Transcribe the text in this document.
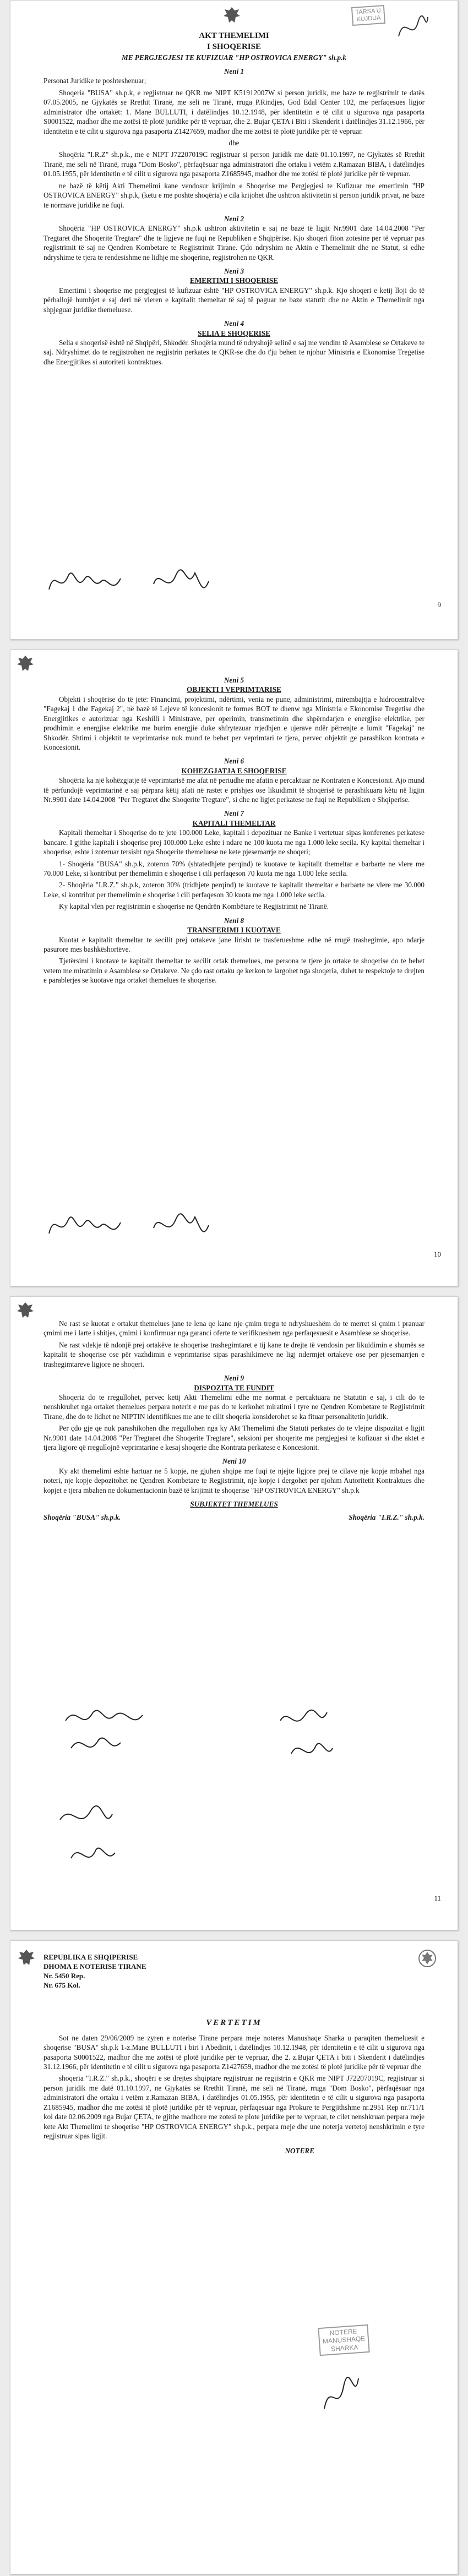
TARSA U
KUJDUA
AKT THEMELIMI
I SHOQERISE
ME PERGJEGJESI TE KUFIZUAR "HP OSTROVICA ENERGY" sh.p.k
Neni 1

Personat Juridike te poshteshenuar;

Shoqeria "BUSA" sh.p.k, e regjistruar ne QKR me NIPT K51912007W si person juridik, me baze te regjistrimit te datës 07.05.2005, ne Gjykatës se Rrethit Tiranë, me seli ne Tiranë, rruga P.Rindjes, God Edal Center 102, me perfaqesues ligjor administrator dhe ortakët: 1. Mane BULLUTI, i datëlindjes 10.12.1948, për identitetin e të cilit u sigurova nga pasaporta S0001522, madhor dhe me zotësi të plotë juridike për të vepruar, dhe 2. Bujar ÇETA i Biti i Skenderit i datëlindjes 31.12.1966, për identitetin e të cilit u sigurova nga pasaporta Z1427659, madhor dhe me zotësi të plotë juridike për të vepruar.

dhe

Shoqëria "I.R.Z" sh.p.k., me e NIPT J72207019C regjistruar si person juridik me datë 01.10.1997, ne Gjykatës së Rrethit Tiranë, me seli në Tiranë, rruga "Dom Bosko", përfaqësuar nga administratori dhe ortaku i vetëm z.Ramazan BIBA, i datëlindjes 01.05.1955, për identitetin e të cilit u sigurova nga pasaporta Z1685945, madhor dhe me zotësi të plotë juridike për të vepruar.

ne bazë të këtij Akti Themelimi kane vendosur krijimin e Shoqerise me Pergjegjesi te Kufizuar me emertimin "HP OSTROVICA ENERGY" sh.p.k, (ketu e me poshte shoqëria) e cila krijohet dhe ushtron aktivitetin si person juridik privat, ne baze te normave juridike ne fuqi.

Neni 2

Shoqëria "HP OSTROVICA ENERGY" sh.p.k ushtron aktivitetin e saj ne bazë të ligjit Nr.9901 date 14.04.2008 "Per Tregtaret dhe Shoqerite Tregtare" dhe te ligjeve ne fuqi ne Republiken e Shqipërise. Kjo shoqeri fiton zotesine per të vepruar pas regjistrimit të saj ne Qendren Kombetare te Regjistrimit Tirane. Çdo ndryshim ne Aktin e Themelimit dhe ne Statut, si edhe ndryshime te tjera te rendesishme ne lidhje me shoqerine, regjistrohen ne QKR.

Neni 3
EMERTIMI I SHOQERISE

Emertimi i shoqerise me pergjegjesi të kufizuar është "HP OSTROVICA ENERGY" sh.p.k. Kjo shoqeri e ketij lloji do të përballojë humbjet e saj deri në vleren e kapitalit themeltar të saj të paguar ne baze statutit dhe ne Aktin e Themelimit nga shpjeguar juridike themeluese.

Neni 4
SELIA E SHOQERISE

Selia e shoqerisë është në Shqipëri, Shkodër. Shoqëria mund të ndryshojë selinë e saj me vendim të Asamblese se Ortakeve te saj. Ndryshimet do te regjistrohen ne regjistrin perkates te QKR-se dhe do t'ju behen te njohur Ministria e Ekonomise Tregetise dhe Energjitikes si autoriteti kontraktues.

9
Neni 5
OBJEKTI I VEPRIMTARISE

Objekti i shoqërise do të jetë: Financimi, projektimi, ndërtimi, venia ne pune, administrimi, mirembajtja e hidrocentralëve "Fagekaj 1 dhe Fagekaj 2", në bazë të Lejeve të koncesionit te formes BOT te dhenw nga Ministria e Ekonomise Tregetise dhe Energjitikes e autorizuar nga Keshilli i Ministrave, per operimin, transmetimin dhe shpërndarjen e energjise elektrike, per prodhimin e energjise elektrike me burim energjie duke shfrytezuar rrjedhjen e ujerave ndër përrenjte e lumit "Fagekaj" ne Shkodër. Shtimi i objektit te veprimtarise nuk mund te behet per veprimtari te tjera, pervec objektit ge parashikon kontrata e Koncesionit.

Neni 6
KOHEZGJATJA E SHOQERISE

Shoqëria ka një kohëzgjatje të veprimtarisë me afat në periudhe me afatin e percaktuar ne Kontraten e Koncesionit. Ajo mund të përfundojë veprimtarinë e saj përpara këtij afati në rastet e prishjes ose likuidimit të shoqërisë te parashikuara kètu në ligjin Nr.9901 date 14.04.2008 "Per Tregtaret dhe Shoqerite Tregtare", si dhe ne ligjet perkatese ne fuqi ne Republiken e Shqiperise.

Neni 7
KAPITALI THEMELTAR

Kapitali themeltar i Shoqerise do te jete 100.000 Leke, kapitali i depozituar ne Banke i vertetuar sipas konferenes perkatese bancare. I gjithe kapitali i shoqerise prej 100.000 Leke eshte i ndare ne 100 kuota me nga 1.000 leke secila. Ky kapital themeltar i shoqerise, eshte i zoteruar tersisht nga Shoqerite themeluese ne kete pjesemarrje ne shoqeri;

1- Shoqëria "BUSA" sh.p.k, zoteron 70% (shtatedhjete perqind) te kuotave te kapitalit themeltar e barbarte ne vlere me 70.000 Leke, si kontribut per themelimin e shoqerise i cili perfaqeson 70 kuota me nga 1.000 leke secila.

2- Shoqëria "I.R.Z." sh.p.k, zoteron 30% (tridhjete perqind) te kuotave te kapitalit themeltar e barbarte ne vlere me 30.000 Leke, si kontribut per themelimin e shoqerise i cili perfaqeson 30 kuota me nga 1.000 leke secila.

Ky kapital vlen per regjistrimin e shoqerise ne Qendrën Kombëtare te Regjistrimit në Tiranë.

Neni 8
TRANSFERIMI I KUOTAVE

Kuotat e kapitalit themeltar te secilit prej ortakeve jane lirisht te trasferueshme edhe në rrugë trashegimie, apo ndarje pasurore mes bashkëshortëve.

Tjetërsimi i kuotave te kapitalit themeltar te secilit ortak themelues, me persona te tjere jo ortake te shoqerise do te behet vetem me miratimin e Asamblese se Ortakeve. Ne çdo rast ortaku qe kerkon te largohet nga shoqeria, duhet te respektoje te drejten e parablerjes se kuotave nga ortaket themelues te shoqerise.

10

Ne rast se kuotat e ortakut themelues jane te lena qe kane nje çmim tregu te ndryshueshëm do te merret si çmim i pranuar çmimi me i larte i shitjes, çmimi i konfirmuar nga garanci oferte te verifikueshem nga perfaqesuesit e Asamblese se shoqerise.

Ne rast vdekje të ndonjë prej ortakëve te shoqerise trashegimtaret e tij kane te drejte të vendosin per likuidimin e shumës se kapitalit te shoqerise ose për vazhdimin e veprimtarise sipas parashikimeve ne ligj ndermjet ortakeve ose per pjesemarrjen e trashegimtareve ligjore ne shoqeri.

Neni 9
DISPOZITA TE FUNDIT

Shoqeria do te rregullohet, pervec ketij Akti Themelimi edhe me normat e percaktuara ne Statutin e saj, i cili do te nenshkruhet nga ortaket themelues perpara noterit e me pas do te kerkohet miratimi i tyre ne Qendren Kombetare te Regjistrimit Tirane, dhe do te lidhet ne NIPTIN identifikues me ane te cilit shoqeria konsiderohet se ka fituar personalitetin juridik.

Per çdo gje qe nuk parashikohen dhe rregullohen nga ky Akt Themelimi dhe Statuti perkates do te vlejne dispozitat e ligjit Nr.9901 date 14.04.2008 "Per Tregtaret dhe Shoqerite Tregtare", seksioni per shoqerite me pergjegjesi te kufizuar si dhe aktet e tjera ligjore që rregullojnë veprimtarine e kesaj shoqerie dhe Kontrata perkatese e Koncesionit.

Neni 10

Ky akt themelimi eshte hartuar ne 5 kopje, ne gjuhen shqipe me fuqi te njejte ligjore prej te cilave nje kopje mbahet nga noteri, nje kopje depozitohet ne Qendren Kombetare te Regjistrimit, nje kopje i dergohet per njohim Autoritetit Kontraktues dhe kopjet e tjera mbahen ne dokumentacionin bazë të krijimit te shoqerise "HP OSTROVICA ENERGY" sh.p.k

SUBJEKTET THEMELUES
Shoqëria "BUSA" sh.p.k.	Shoqëria "I.R.Z." sh.p.k.
11
REPUBLIKA E SHQIPERISE
DHOMA E NOTERISE TIRANE
Nr. 5450 Rep.
Nr. 675 Kol.
VERTETIM

Sot ne daten 29/06/2009 ne zyren e noterise Tirane perpara meje noteres Manushaqe Sharka u paraqiten themeluesit e shoqerise "BUSA" sh.p.k 1-z.Mane BULLUTI i biri i Abedinit, i datëlindjes 10.12.1948, për identitetin e të cilit u sigurova nga pasaporta S0001522, madhor dhe me zotësi të plotë juridike për të vepruar, dhe 2. z.Bujar ÇETA i biti i Skenderit i datëlindjes 31.12.1966, për identitetin e të cilit u sigurova nga pasaporta Z1427659, madhor dhe me zotësi të plotë juridike për të vepruar dhe

shoqeria "I.R.Z." sh.p.k., shoqëri e se drejtes shqiptare regjistruar ne regjistrin e QKR me NIPT J72207019C, regjistruar si person juridik me datë 01.10.1997, ne Gjykatës së Rrethit Tiranë, me seli në Tiranë, rruga "Dom Bosko", përfaqësuar nga administratori dhe ortaku i vetëm z.Ramazan BIBA, i datëlindjes 01.05.1955, për identitetin e të cilit u sigurova nga pasaporta Z1685945, madhor dhe me zotësi të plotë juridike për të vepruar, përfaqesuar nga Prokure te Pergjithshme nr.2951 Rep nr.711/1 kol date 02.06.2009 nga Bujar ÇETA, te gjithe madhore me zotesi te plote juridike per te vepruar, te cilet nenshkruan perpara meje kete Akt Themelimi te shoqerise "HP OSTROVICA ENERGY" sh.p.k., perpara meje dhe une noterja vertetoj nenshkrimin e tyre regjistruar sipas ligjit.

NOTERE
NOTERE
MANUSHAQE
SHARKA
